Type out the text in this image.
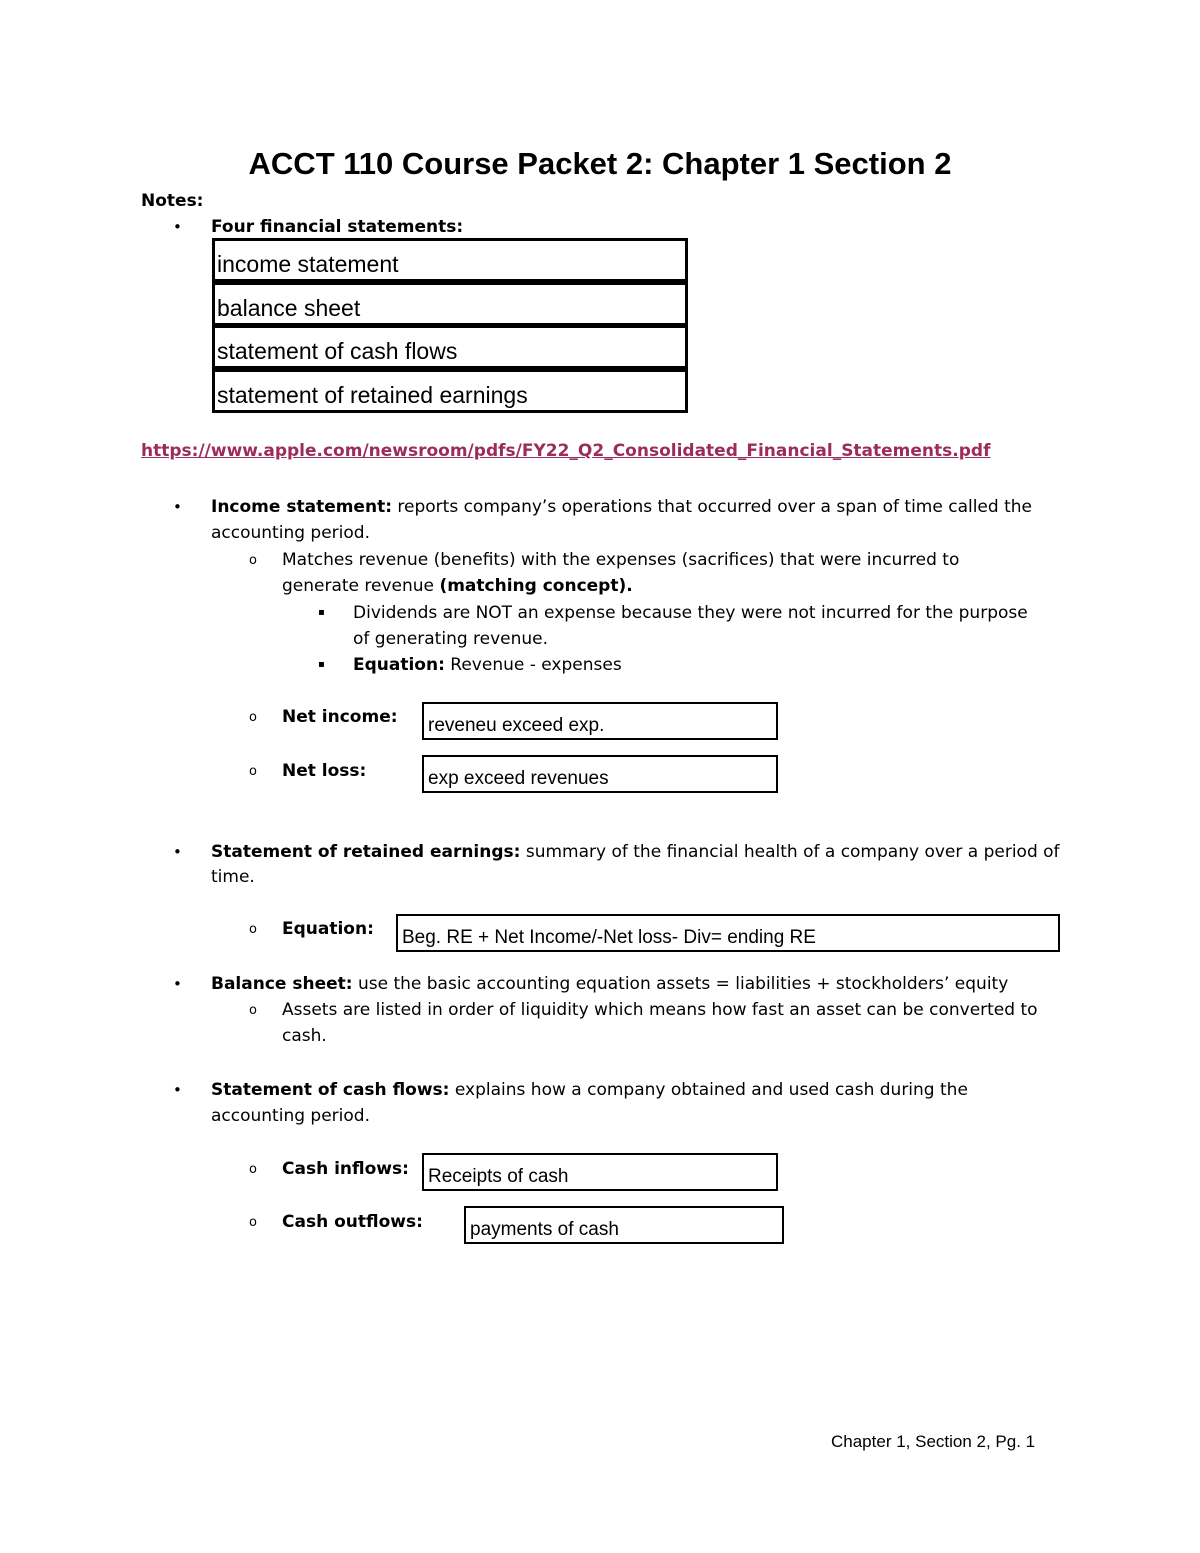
ACCT 110 Course Packet 2: Chapter 1 Section 2
Notes:
• Four financial statements:
income statement
balance sheet
statement of cash flows
statement of retained earnings
https://www.apple.com/newsroom/pdfs/FY22_Q2_Consolidated_Financial_Statements.pdf
• Income statement: reports company’s operations that occurred over a span of time called the
accounting period.
o Matches revenue (benefits) with the expenses (sacrifices) that were incurred to
generate revenue (matching concept).
▪ Dividends are NOT an expense because they were not incurred for the purpose
of generating revenue.
▪ Equation: Revenue - expenses
o Net income:	reveneu exceed exp.
o Net loss:	exp exceed revenues
• Statement of retained earnings: summary of the financial health of a company over a period of
time.
o Equation:	Beg. RE + Net Income/-Net loss- Div= ending RE
• Balance sheet: use the basic accounting equation assets = liabilities + stockholders’ equity
o Assets are listed in order of liquidity which means how fast an asset can be converted to
cash.
• Statement of cash flows: explains how a company obtained and used cash during the
accounting period.
o Cash inflows:	Receipts of cash
o Cash outflows:	payments of cash
Chapter 1, Section 2, Pg. 1
